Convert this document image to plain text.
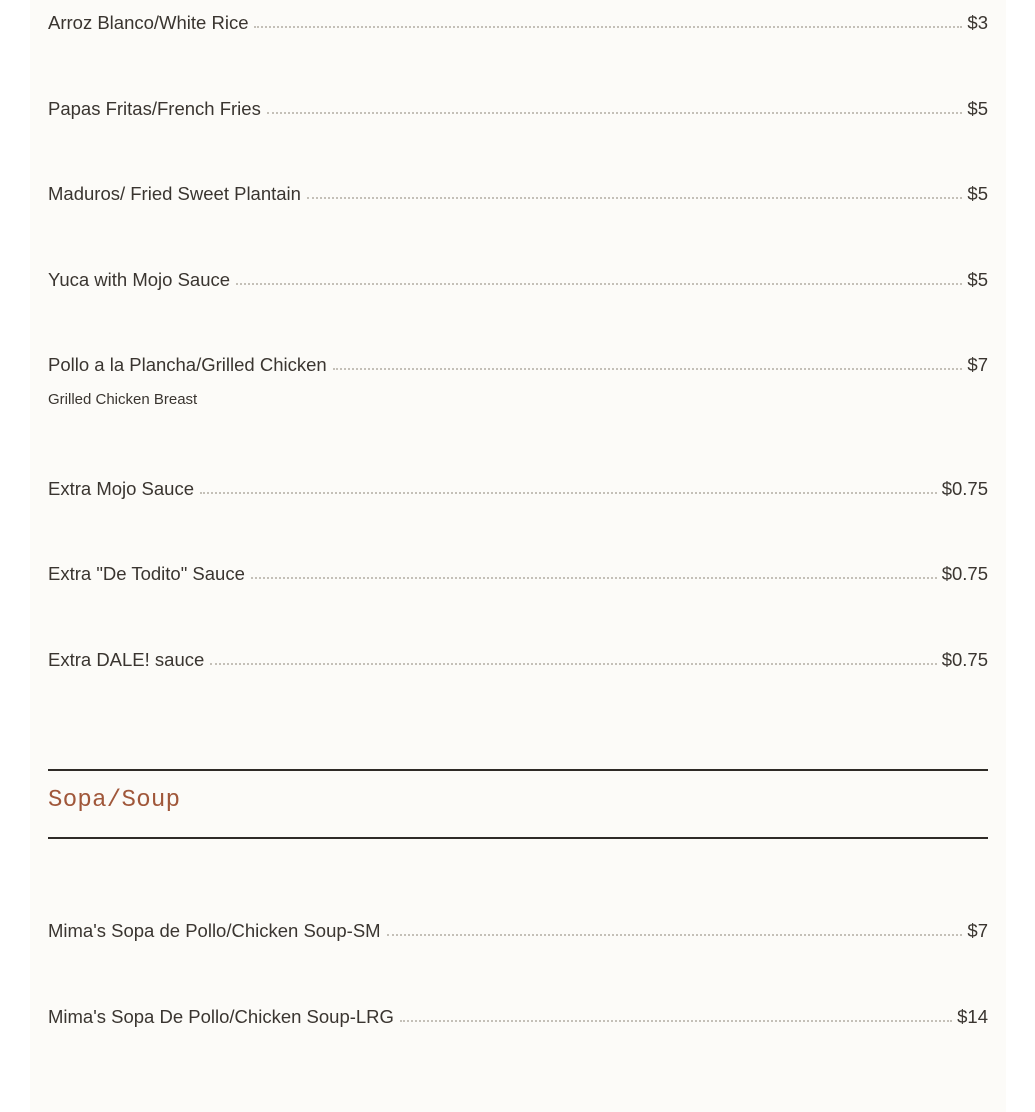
Arroz Blanco/White Rice	$3
Papas Fritas/French Fries	$5
Maduros/ Fried Sweet Plantain	$5
Yuca with Mojo Sauce	$5
Pollo a la Plancha/Grilled Chicken	$7
Grilled Chicken Breast
Extra Mojo Sauce	$0.75
Extra "De Todito" Sauce	$0.75
Extra DALE! sauce	$0.75
Sopa/Soup
Mima's Sopa de Pollo/Chicken Soup-SM	$7
Mima's Sopa De Pollo/Chicken Soup-LRG	$14
